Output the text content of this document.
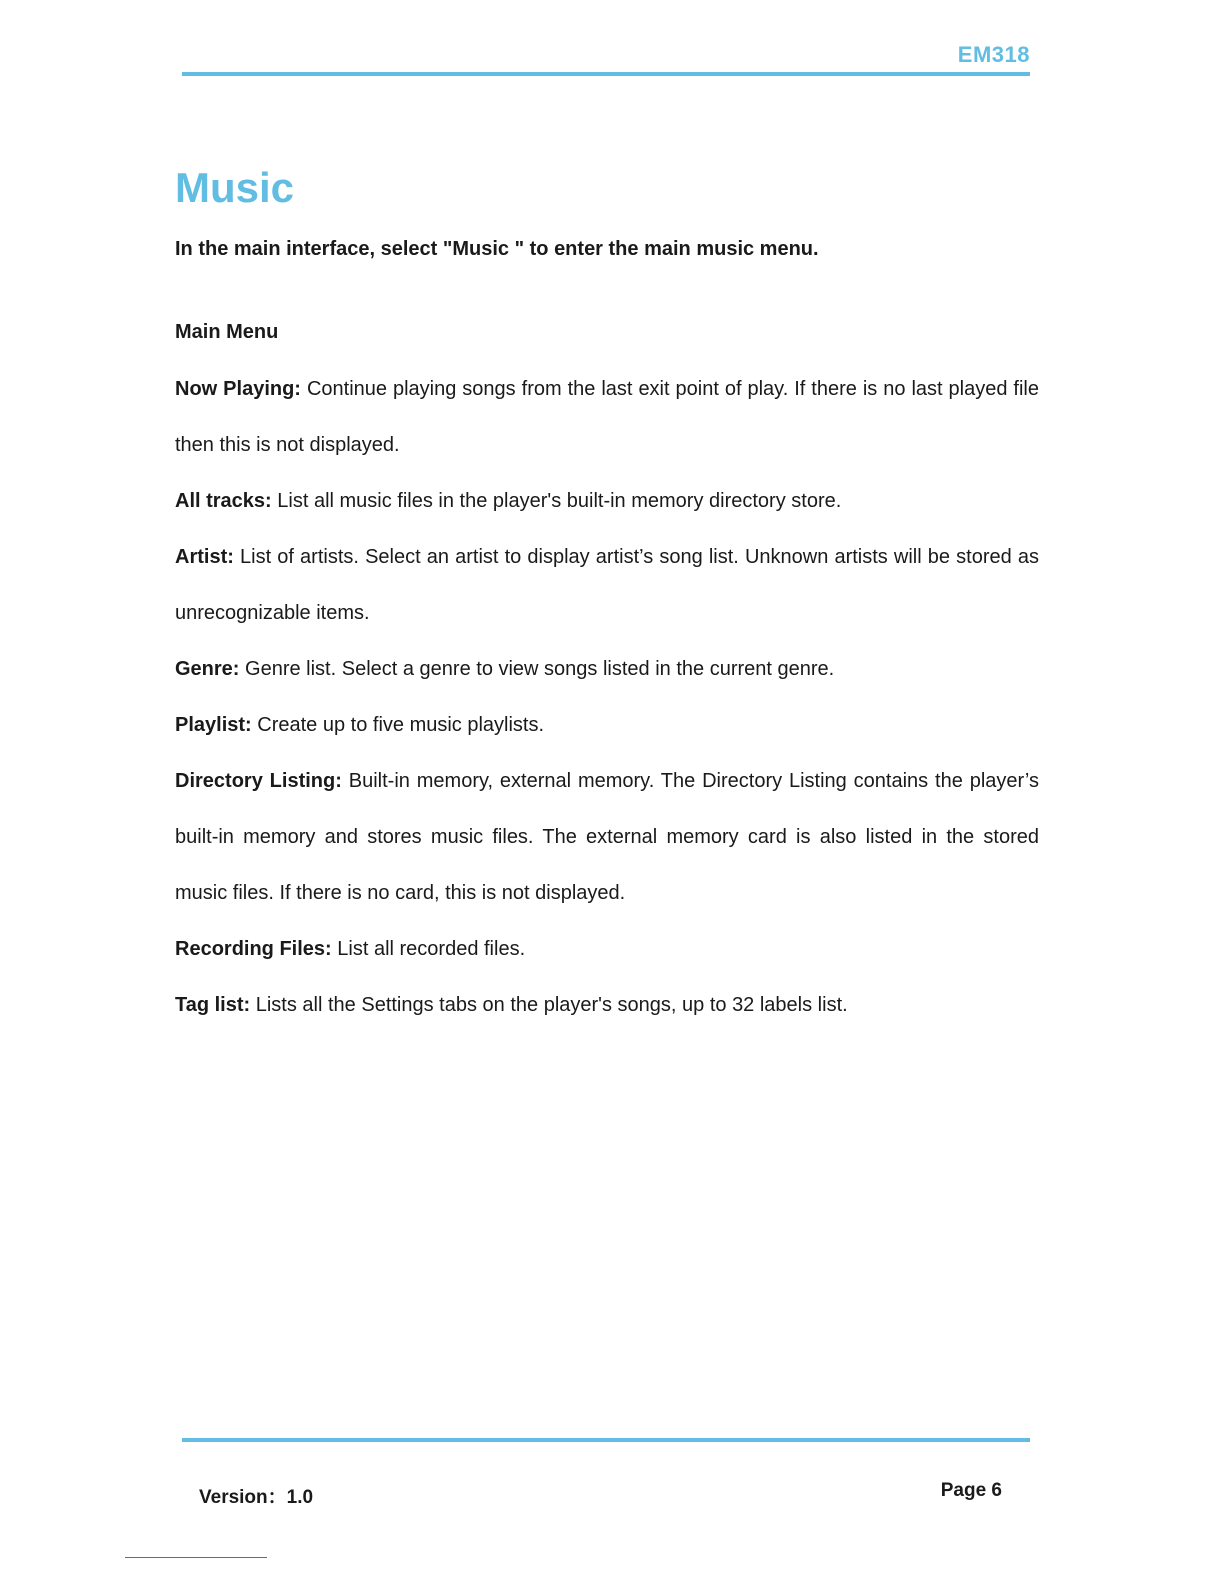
EM318
Music

In the main interface, select "Music " to enter the main music menu.

Main Menu

Now Playing: Continue playing songs from the last exit point of play. If there is no last played file then this is not displayed.
All tracks: List all music files in the player's built-in memory directory store.
Artist: List of artists. Select an artist to display artist’s song list. Unknown artists will be stored as unrecognizable items.
Genre: Genre list. Select a genre to view songs listed in the current genre.
Playlist: Create up to five music playlists.
Directory Listing: Built-in memory, external memory. The Directory Listing contains the player’s built-in memory and stores music files. The external memory card is also listed in the stored music files. If there is no card, this is not displayed.
Recording Files: List all recorded files.
Tag list: Lists all the Settings tabs on the player's songs, up to 32 labels list.
Version：1.0	Page 6
